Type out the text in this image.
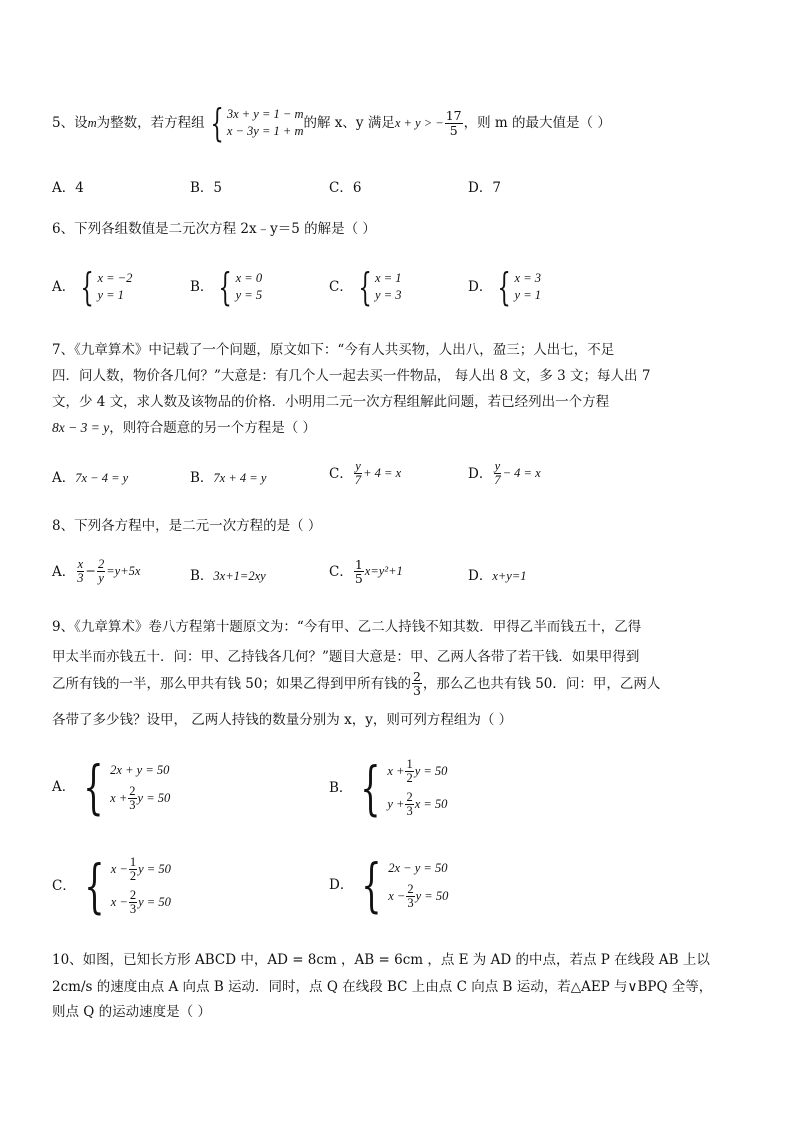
5、设 m 为整数，若方程组 { 3x + y = 1 − m
x − 3y = 1 + m
的解 x、y 满足 x + y > − $\frac{17}{5}$ ，则 m 的最大值是（ ）
A．4	B．5	C．6	D．7
6、下列各组数值是二元次方程 2x﹣y＝5 的解是（ ）
A． { x = −2
y = 1
B． { x = 0
y = 5
C． { x = 1
y = 3
D． { x = 3
y = 1
7、《九章算术》中记载了一个问题，原文如下：“今有人共买物，人出八，盈三；人出七，不足
四．问人数，物价各几何？”大意是：有几个人一起去买一件物品， 每人出 8 文，多 3 文；每人出 7
文，少 4 文，求人数及该物品的价格．小明用二元一次方程组解此问题，若已经列出一个方程
8x − 3 = y，则符合题意的另一个方程是（ ）
A．7x − 4 = y	B．7x + 4 = y	C． $\frac{y}{7} + 4 = x$	D． $\frac{y}{7} - 4 = x$
8、下列各方程中，是二元一次方程的是（ ）
A． $\frac{x}{3} - \frac{2}{y} =y+5x$	B．3x+1=2xy	C． $\frac{1}{5} x=y^2+1$	D．x+y=1
9、《九章算术》卷八方程第十题原文为：“今有甲、乙二人持钱不知其数．甲得乙半而钱五十，乙得
甲太半而亦钱五十．问：甲、乙持钱各几何？”题目大意是：甲、乙两人各带了若干钱．如果甲得到
乙所有钱的一半，那么甲共有钱 50；如果乙得到甲所有钱的 $\frac{2}{3}$ ，那么乙也共有钱 50．问：甲，乙两人
各带了多少钱？设甲， 乙两人持钱的数量分别为 x，y，则可列方程组为（ ）
A． { 2x + y = 50
$x + \frac{2}{3}$ y = 50
B． { $x + \frac{1}{2}$ y = 50
$y + \frac{2}{3}$ x = 50
C． { $x - \frac{1}{2}$ y = 50
$x - \frac{2}{3}$ y = 50
D． { 2x − y = 50
$x - \frac{2}{3}$ y = 50
10、如图，已知长方形 ABCD 中，AD = 8cm ，AB = 6cm ，点 E 为 AD 的中点，若点 P 在线段 AB 上以
2cm/s 的速度由点 A 向点 B 运动．同时，点 Q 在线段 BC 上由点 C 向点 B 运动，若△AEP 与∨BPQ 全等，
则点 Q 的运动速度是（ ）
